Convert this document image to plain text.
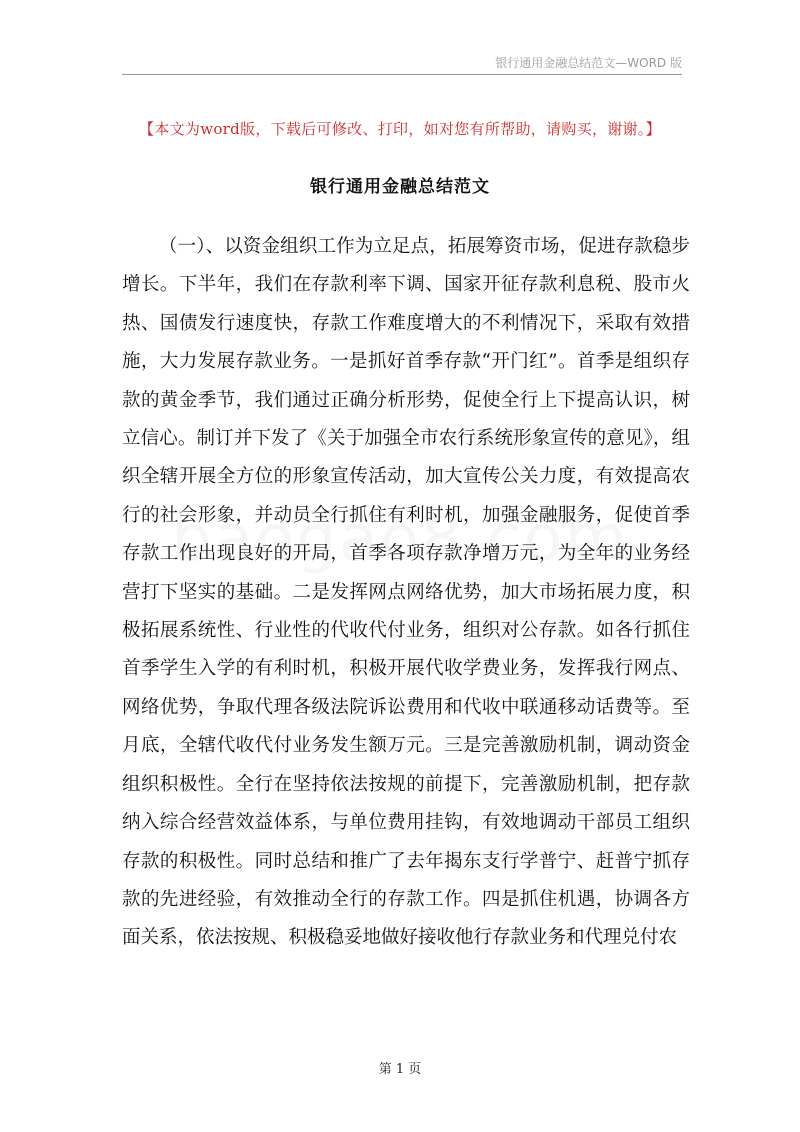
银行通用金融总结范文—WORD 版
【本文为word版，下载后可修改、打印，如对您有所帮助，请购买，谢谢。】
银行通用金融总结范文

（一）、以资金组织工作为立足点，拓展筹资市场，促进存款稳步增长。下半年，我们在存款利率下调、国家开征存款利息税、股市火热、国债发行速度快，存款工作难度增大的不利情况下，采取有效措施，大力发展存款业务。一是抓好首季存款“开门红”。首季是组织存款的黄金季节，我们通过正确分析形势，促使全行上下提高认识，树立信心。制订并下发了《关于加强全市农行系统形象宣传的意见》，组织全辖开展全方位的形象宣传活动，加大宣传公关力度，有效提高农行的社会形象，并动员全行抓住有利时机，加强金融服务，促使首季存款工作出现良好的开局，首季各项存款净增万元，为全年的业务经营打下坚实的基础。二是发挥网点网络优势，加大市场拓展力度，积极拓展系统性、行业性的代收代付业务，组织对公存款。如各行抓住首季学生入学的有利时机，积极开展代收学费业务，发挥我行网点、网络优势，争取代理各级法院诉讼费用和代收中联通移动话费等。至月底，全辖代收代付业务发生额万元。三是完善激励机制，调动资金组织积极性。全行在坚持依法按规的前提下，完善激励机制，把存款纳入综合经营效益体系，与单位费用挂钩，有效地调动干部员工组织存款的积极性。同时总结和推广了去年揭东支行学普宁、赶普宁抓存款的先进经验，有效推动全行的存款工作。四是抓住机遇，协调各方面关系，依法按规、积极稳妥地做好接收他行存款业务和代理兑付农

第 1 页
